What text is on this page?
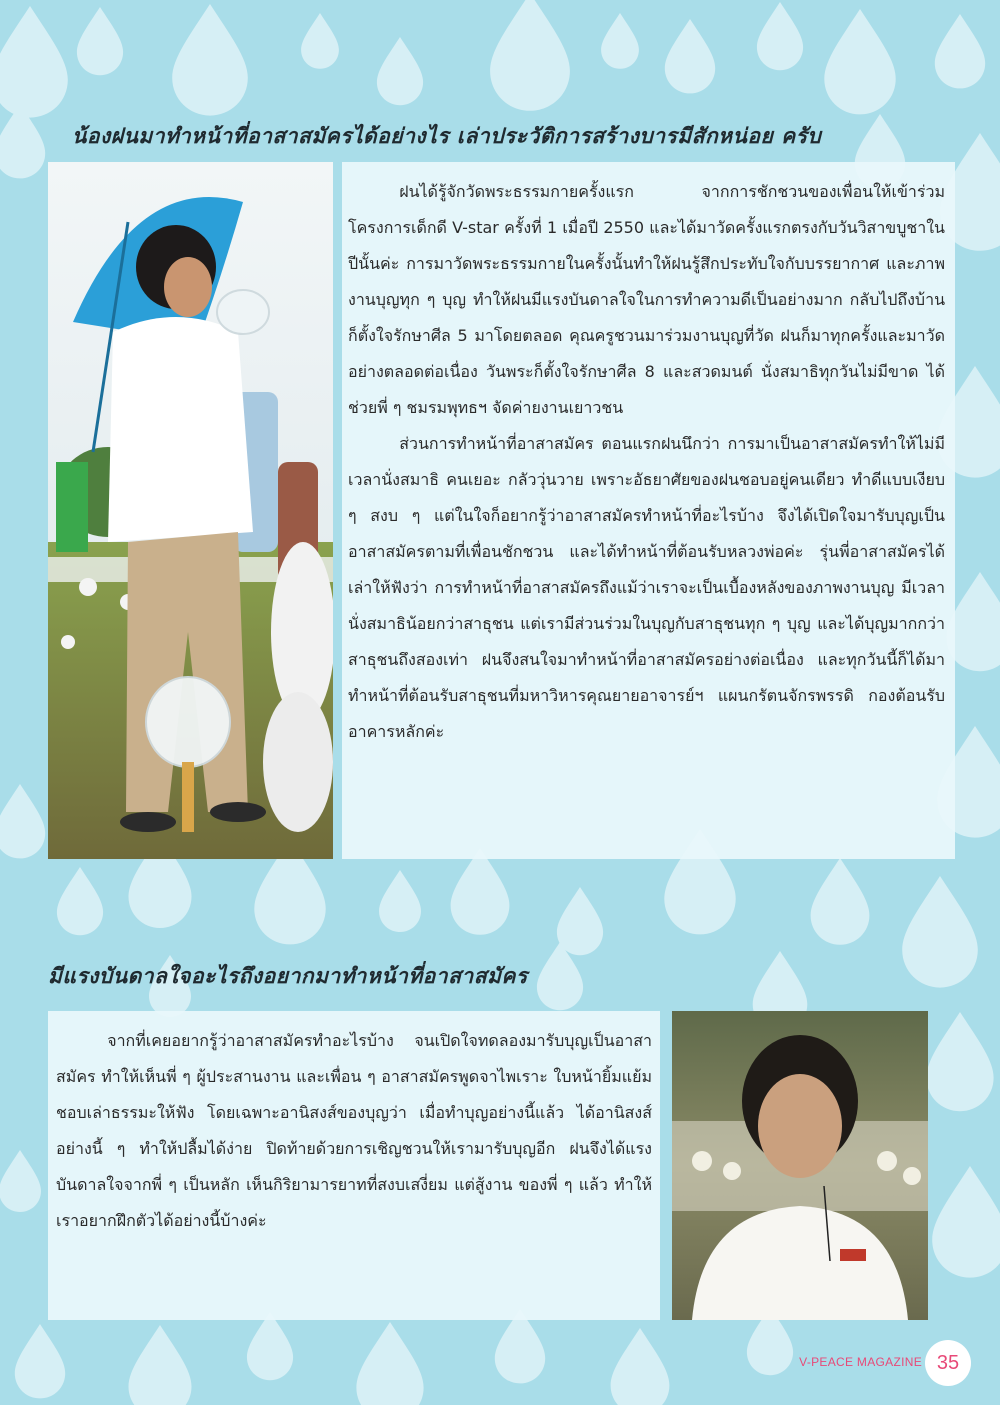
น้องฝนมาทำหน้าที่อาสาสมัครได้อย่างไร เล่าประวัติการสร้างบารมีสักหน่อย ครับ

ฝนได้รู้จักวัดพระธรรมกายครั้งแรก จากการชักชวนของเพื่อนให้เข้าร่วมโครงการเด็กดี V-star ครั้งที่ 1 เมื่อปี 2550 และได้มาวัดครั้งแรกตรงกับวันวิสาขบูชาในปีนั้นค่ะ การมาวัดพระธรรมกายในครั้งนั้นทำให้ฝนรู้สึกประทับใจกับบรรยากาศ และภาพงานบุญทุก ๆ บุญ ทำให้ฝนมีแรงบันดาลใจในการทำความดีเป็นอย่างมาก กลับไปถึงบ้านก็ตั้งใจรักษาศีล 5 มาโดยตลอด คุณครูชวนมาร่วมงานบุญที่วัด ฝนก็มาทุกครั้งและมาวัดอย่างตลอดต่อเนื่อง วันพระก็ตั้งใจรักษาศีล 8 และสวดมนต์ นั่งสมาธิทุกวันไม่มีขาด ได้ช่วยพี่ ๆ ชมรมพุทธฯ จัดค่ายงานเยาวชน

ส่วนการทำหน้าที่อาสาสมัคร ตอนแรกฝนนึกว่า การมาเป็นอาสาสมัครทำให้ไม่มีเวลานั่งสมาธิ คนเยอะ กลัววุ่นวาย เพราะอัธยาศัยของฝนชอบอยู่คนเดียว ทำดีแบบเงียบ ๆ สงบ ๆ แต่ในใจก็อยากรู้ว่าอาสาสมัครทำหน้าที่อะไรบ้าง จึงได้เปิดใจมารับบุญเป็นอาสาสมัครตามที่เพื่อนชักชวน และได้ทำหน้าที่ต้อนรับหลวงพ่อค่ะ รุ่นพี่อาสาสมัครได้เล่าให้ฟังว่า การทำหน้าที่อาสาสมัครถึงแม้ว่าเราจะเป็นเบื้องหลังของภาพงานบุญ มีเวลานั่งสมาธิน้อยกว่าสาธุชน แต่เรามีส่วนร่วมในบุญกับสาธุชนทุก ๆ บุญ และได้บุญมากกว่าสาธุชนถึงสองเท่า ฝนจึงสนใจมาทำหน้าที่อาสาสมัครอย่างต่อเนื่อง และทุกวันนี้ก็ได้มาทำหน้าที่ต้อนรับสาธุชนที่มหาวิหารคุณยายอาจารย์ฯ แผนกรัตนจักรพรรดิ กองต้อนรับอาคารหลักค่ะ

มีแรงบันดาลใจอะไรถึงอยากมาทำหน้าที่อาสาสมัคร

จากที่เคยอยากรู้ว่าอาสาสมัครทำอะไรบ้าง จนเปิดใจทดลองมารับบุญเป็นอาสาสมัคร ทำให้เห็นพี่ ๆ ผู้ประสานงาน และเพื่อน ๆ อาสาสมัครพูดจาไพเราะ ใบหน้ายิ้มแย้ม ชอบเล่าธรรมะให้ฟัง โดยเฉพาะอานิสงส์ของบุญว่า เมื่อทำบุญอย่างนี้แล้ว ได้อานิสงส์อย่างนี้ ๆ ทำให้ปลื้มได้ง่าย ปิดท้ายด้วยการเชิญชวนให้เรามารับบุญอีก ฝนจึงได้แรงบันดาลใจจากพี่ ๆ เป็นหลัก เห็นกิริยามารยาทที่สงบเสงี่ยม แต่สู้งาน ของพี่ ๆ แล้ว ทำให้เราอยากฝึกตัวได้อย่างนี้บ้างค่ะ

V-PEACE MAGAZINE 35
